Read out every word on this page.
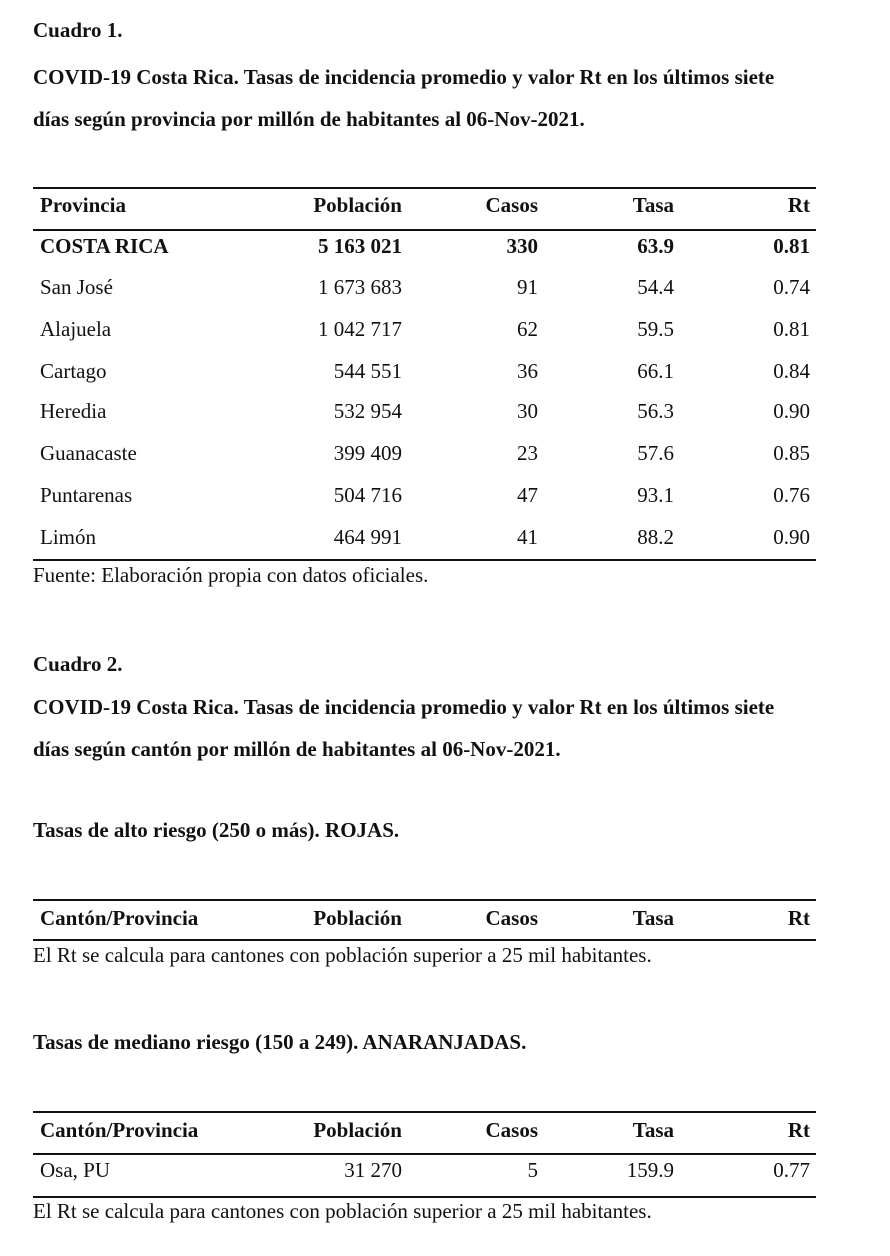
Cuadro 1.
COVID-19 Costa Rica. Tasas de incidencia promedio y valor Rt en los últimos siete
días según provincia por millón de habitantes al 06-Nov-2021.
Provincia	Población	Casos	Tasa	Rt
COSTA RICA	5 163 021	330	63.9	0.81
San José	1 673 683	91	54.4	0.74
Alajuela	1 042 717	62	59.5	0.81
Cartago	544 551	36	66.1	0.84
Heredia	532 954	30	56.3	0.90
Guanacaste	399 409	23	57.6	0.85
Puntarenas	504 716	47	93.1	0.76
Limón	464 991	41	88.2	0.90
Fuente: Elaboración propia con datos oficiales.
Cuadro 2.
COVID-19 Costa Rica. Tasas de incidencia promedio y valor Rt en los últimos siete
días según cantón por millón de habitantes al 06-Nov-2021.
Tasas de alto riesgo (250 o más). ROJAS.
Cantón/Provincia	Población	Casos	Tasa	Rt
El Rt se calcula para cantones con población superior a 25 mil habitantes.
Tasas de mediano riesgo (150 a 249). ANARANJADAS.
Cantón/Provincia	Población	Casos	Tasa	Rt
Osa, PU	31 270	5	159.9	0.77
El Rt se calcula para cantones con población superior a 25 mil habitantes.
